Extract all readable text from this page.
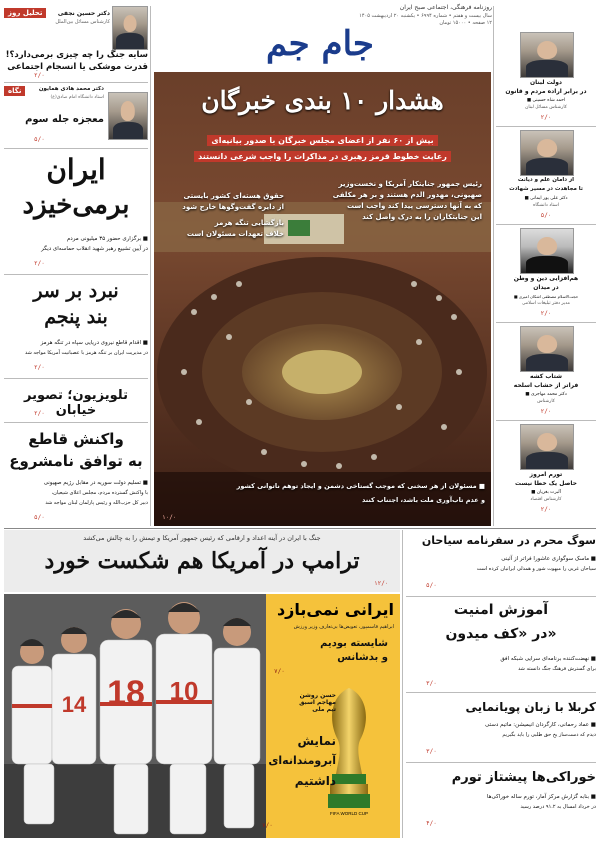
روزنامه فرهنگی، اجتماعی صبح ایران
سال بیست و هفتم • شماره ۶۹۹۴ • یکشنبه ۲۰ اردیبهشت ۱۴۰۵
۱۲ صفحه • ۱۵۰۰۰ تومان
جام جم
تحلیل روز	دکتر حسین نجفی
کارشناس مسائل بین‌الملل
سایه جنگ را چه چیزی برمی‌دارد؟!
قدرت موشکی یا انسجام اجتماعی
۲/۰
نگاه	دکتر محمد هادی همایون
استاد دانشگاه امام صادق(ع)
معجزه جله سوم
۵/۰
ایران
برمی‌خیزد
■ برگزاری حضور ۳۵ میلیونی مردم
در آیین تشییع رهبر شهید انقلاب حماسه‌ای دیگر
۲/۰
نبرد بر سر
بند پنجم
■ اقدام قاطع نیروی دریایی سپاه در تنگه هرمز
در مدیریت ایران بر تنگه هرمز با عصبانیت آمریکا مواجه شد
۲/۰
تلویزیون؛ تصویر خیابان
۲/۰
واکنش قاطع
به توافق نامشروع
■ تسلیم دولت سوریه در مقابل رژیم صهیونی
با واکنش گسترده مردم، مجلس اعلای شیعیان،
دبیر کل حزب‌الله و رئیس پارلمان لبنان مواجه شد
۵/۰
هشدار ۱۰ بندی خبرگان
بیش از ۶۰ نفر از اعضای مجلس خبرگان با صدور بیانیه‌ای
رعایت خطوط قرمز رهبری در مذاکرات را واجب شرعی دانستند
حقوق هسته‌ای کشور بایستی
از دایره گفت‌وگوها خارج شود
بازگشایی تنگه هرمز
خلاف تعهدات مسئولان است
رئیس جمهور جنایتکار آمریکا و نخست‌وزیر
صهیونی، مهدور الدم هستند و بر هر مکلفی
که به آنها دسترسی پیدا کند واجب است
این جنایتکاران را به درک واصل کند
■ مسئولان از هر سخنی که موجب گستاخی دشمن و ایجاد توهم ناتوانی کشور
و عدم تاب‌آوری ملت باشد، اجتناب کنند
۱۰/۰
دولت لبنان
در برابر اراده مردم و قانون
■ احمد شاه حسینی
کارشناس مسائل لبنان
۲/۰
از دامان علم و دیانت
تا مجاهدت در مسیر شهادت
■ دکتر علی پور ایمانی
استاد دانشگاه
۵/۰
هم‌افزایی دین و وطن
در میدان
■ حجت‌الاسلام مصطفی اشکان امیری
مدیر دفتر تبلیغات اسلامی
۲/۰
شتاب کشه
فراتر از خشاب اسلحه
■ دکتر محمد مهاجری
کارشناس
۲/۰
تورم امروز
حاصل یک خطا نیست
■ آلبرت بغزیان
کارشناس اقتصاد
۲/۰
جنگ با ایران در آینه اعداد و ارقامی که رئیس جمهور آمریکا و تیمش را به چالش می‌کشد
ترامپ در آمریکا هم شکست خورد
۱۲/۰
18
14	10
ایرانی نمی‌بازد
ابراهیم قاسمپور، تعویض‌ها بی‌تعارف وزیر ورزش
شایسته بودیم
و بدشانس
۷/۰
FIFA WORLD CUP
حسن روشن
مهاجم اسبق
تیم ملی
نمایش
آبرومندانه‌ای
داشتیم
۷/۰
سوگ محرم در سفرنامه سیاحان
■ ماسک سوگواری عاشورا فراتر از آئینی
سیاحان غربی را مبهوت شور و همدلی ایرانیان کرده است
۵/۰
آموزش امنیت
در «کف میدون»
■ نهضت‌کننده برنامه‌ای سرایی شبکه افق
برای گسترش فرهنگ جنگ دانسته شد
۳/۰
کربلا با زبان پویانمایی
■ عماد رحمانی، کارگردان انیمیشن: ماتیم دستی
دیدم که دست‌ساز یخ حق طلبی را باید بگیریم
۳/۰
خوراکی‌ها پیشتاز تورم
■ بنابه گزارش مرکز آمار، تورم ساله خوراکی‌ها
در خرداد امسال به ۹۱.۲ درصد رسید
۴/۰
